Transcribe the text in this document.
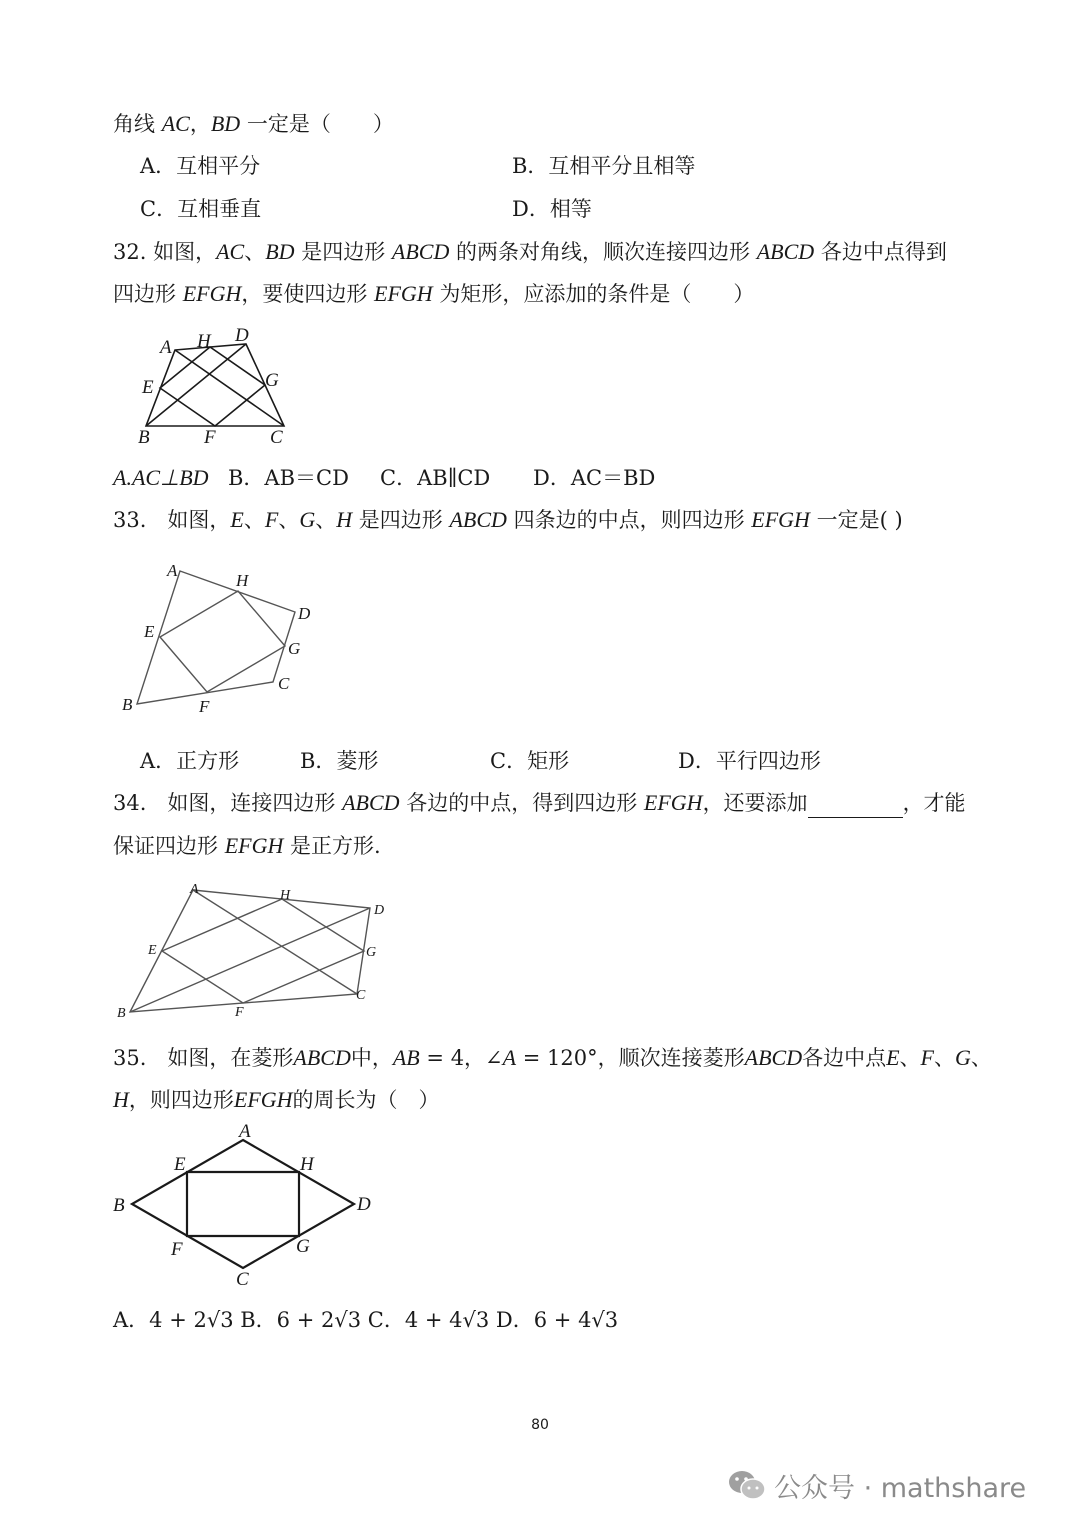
角线 AC，BD 一定是（　　）
A．互相平分	B．互相平分且相等
C．互相垂直	D．相等
32. 如图，AC、BD 是四边形 ABCD 的两条对角线，顺次连接四边形 ABCD 各边中点得到
四边形 EFGH，要使四边形 EFGH 为矩形，应添加的条件是（　　）
A H D
E	G
B	F	C
A.AC⊥BD B．AB＝CD C．AB∥CD D．AC＝BD
33.　如图，E、F、G、H 是四边形 ABCD 四条边的中点，则四边形 EFGH 一定是( )
A
H
D
E
G
C
B	F
A．正方形	B．菱形	C．矩形	D．平行四边形
34.　如图，连接四边形 ABCD 各边的中点，得到四边形 EFGH，还要添加	，才能
保证四边形 EFGH 是正方形.
A	H
D
E	G
B	F
C
35.　如图，在菱形ABCD中，AB = 4，∠A = 120°，顺次连接菱形ABCD各边中点E、F、G、
H，则四边形EFGH的周长为（　）
A
E	H
B	D
F	G
C
A．4 + 2√3 B．6 + 2√3 C．4 + 4√3 D．6 + 4√3
80
公众号 · mathshare
